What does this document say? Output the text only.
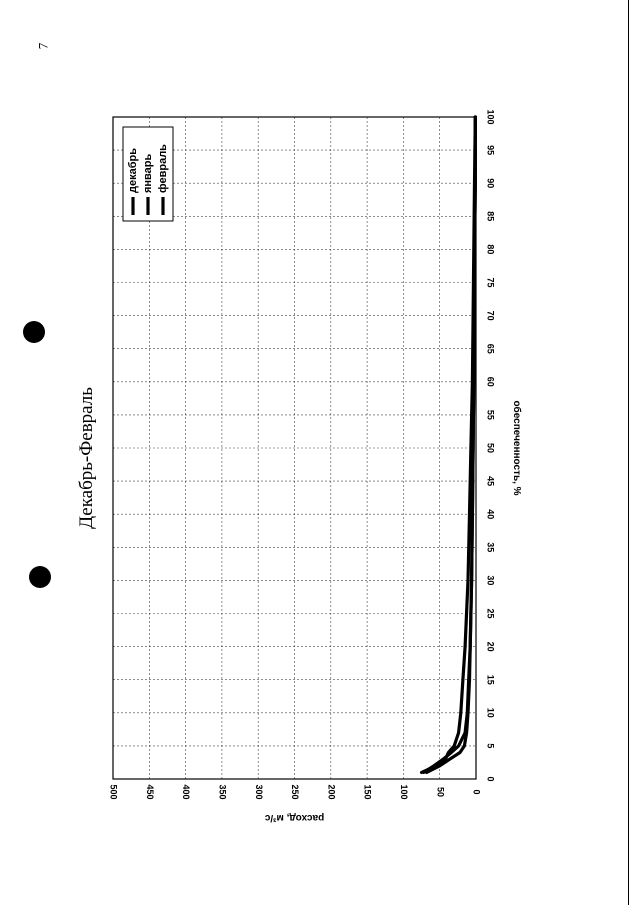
7
Декабрь-Февраль
0
5
10
15
20
25
30
35
40
45
50
55
60
65
70
75
80
85
90
95
100
0
50
100
150
200
250
300
350
400
450
500
обеспеченность, %
расход, м³/с
декабрь январь февраль
